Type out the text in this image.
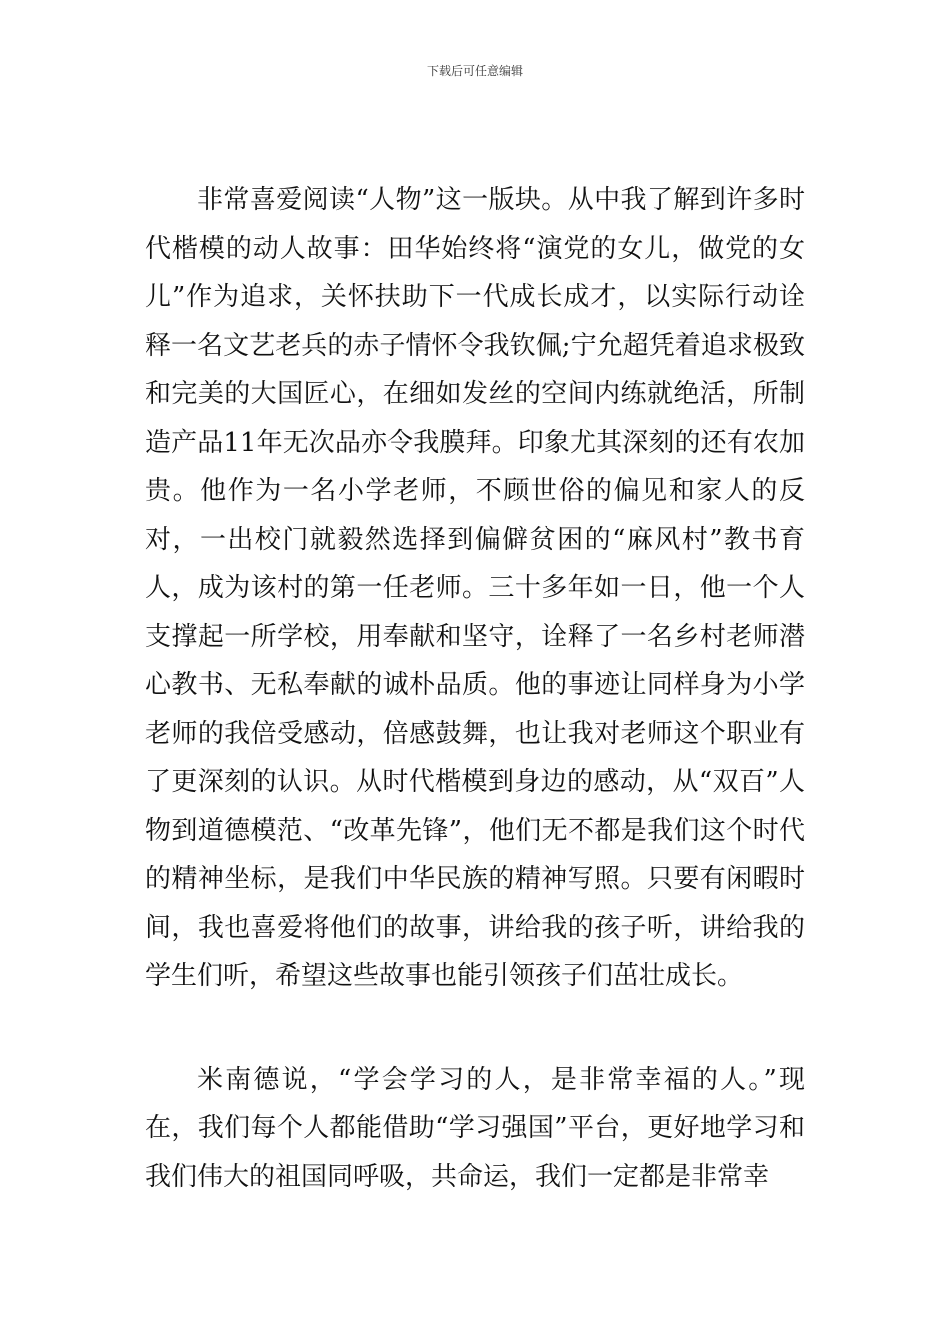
下载后可任意编辑

非常喜爱阅读“人物”这一版块。从中我了解到许多时代楷模的动人故事：田华始终将“演党的女儿，做党的女儿”作为追求，关怀扶助下一代成长成才，以实际行动诠释一名文艺老兵的赤子情怀令我钦佩;宁允超凭着追求极致和完美的大国匠心，在细如发丝的空间内练就绝活，所制造产品11年无次品亦令我膜拜。印象尤其深刻的还有农加贵。他作为一名小学老师，不顾世俗的偏见和家人的反对，一出校门就毅然选择到偏僻贫困的“麻风村”教书育人，成为该村的第一任老师。三十多年如一日，他一个人支撑起一所学校，用奉献和坚守，诠释了一名乡村老师潜心教书、无私奉献的诚朴品质。他的事迹让同样身为小学老师的我倍受感动，倍感鼓舞，也让我对老师这个职业有了更深刻的认识。从时代楷模到身边的感动，从“双百”人物到道德模范、“改革先锋”，他们无不都是我们这个时代的精神坐标，是我们中华民族的精神写照。只要有闲暇时间，我也喜爱将他们的故事，讲给我的孩子听，讲给我的学生们听，希望这些故事也能引领孩子们茁壮成长。

米南德说，“学会学习的人，是非常幸福的人。”现在，我们每个人都能借助“学习强国”平台，更好地学习和我们伟大的祖国同呼吸，共命运，我们一定都是非常幸
